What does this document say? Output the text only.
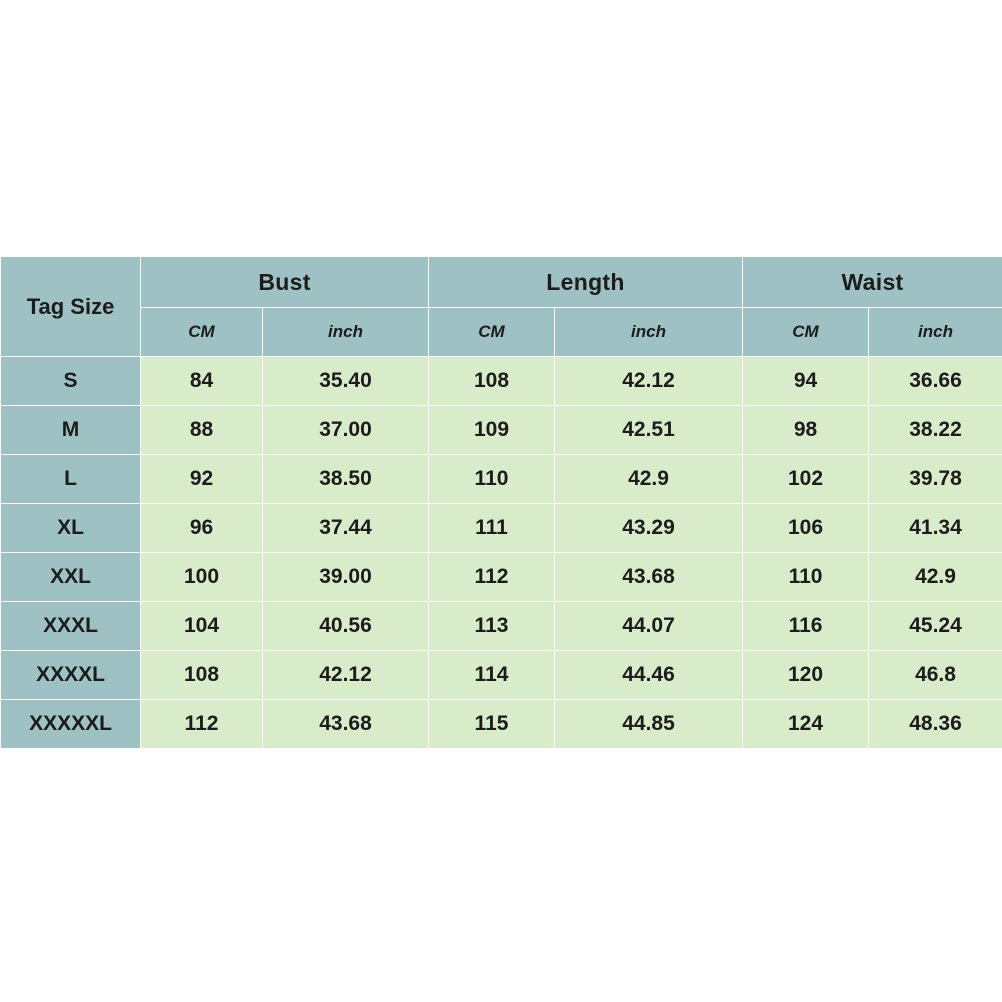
Tag Size	Bust		Length		Waist	
	CM	inch	CM	inch	CM	inch
S	84	35.40	108	42.12	94	36.66
M	88	37.00	109	42.51	98	38.22
L	92	38.50	110	42.9	102	39.78
XL	96	37.44	111	43.29	106	41.34
XXL	100	39.00	112	43.68	110	42.9
XXXL	104	40.56	113	44.07	116	45.24
XXXXL	108	42.12	114	44.46	120	46.8
XXXXXL	112	43.68	115	44.85	124	48.36
